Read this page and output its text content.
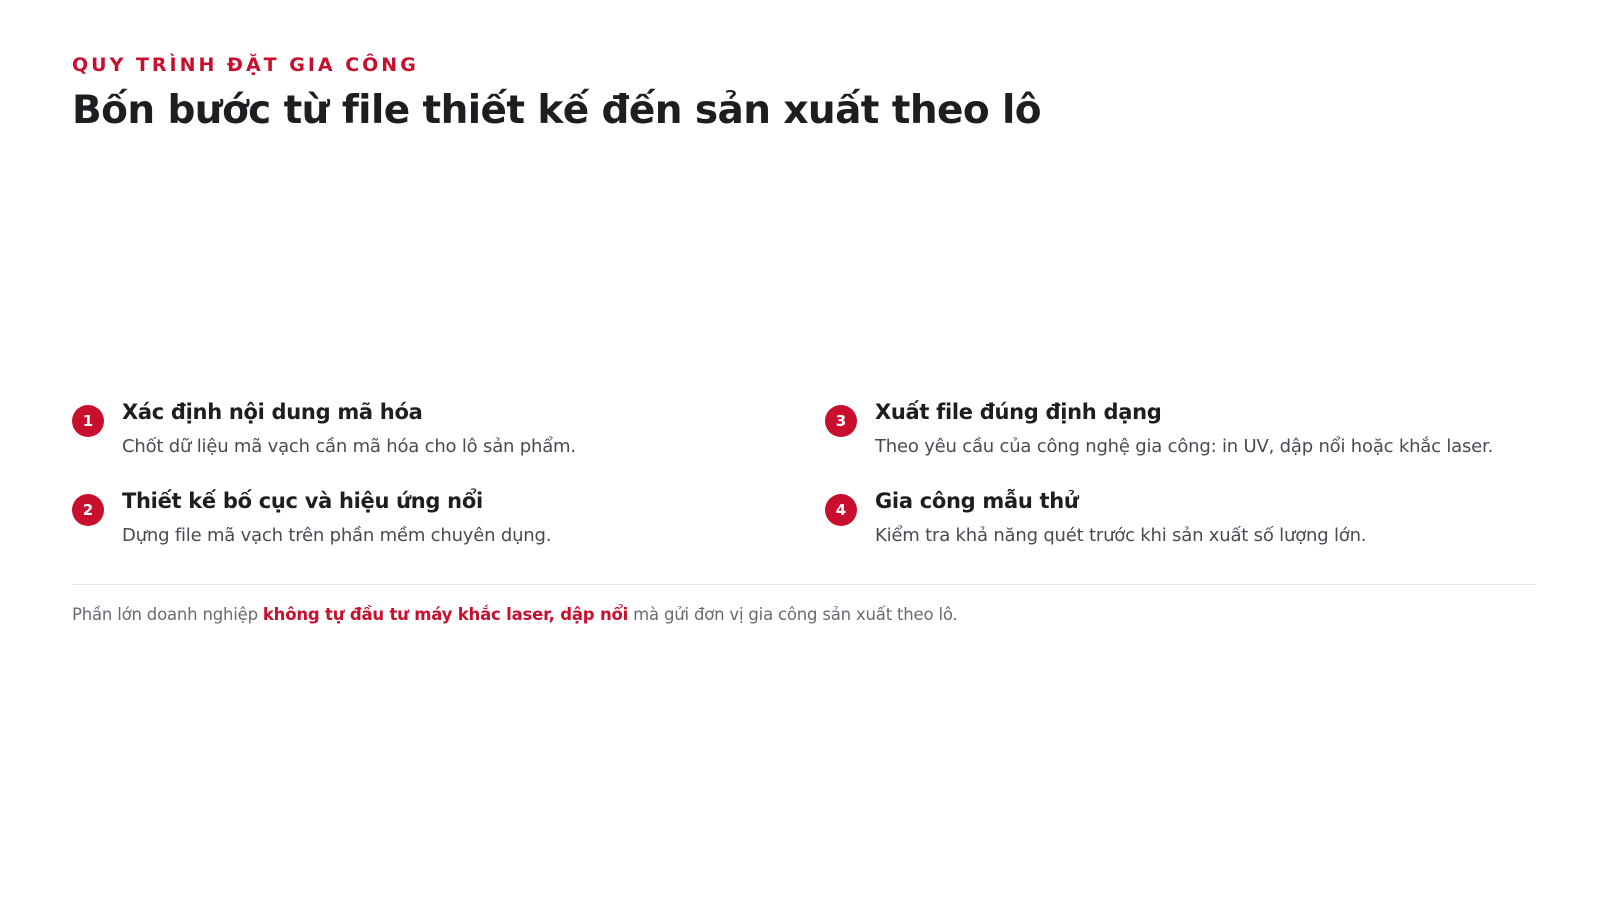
QUY TRÌNH ĐẶT GIA CÔNG
Bốn bước từ file thiết kế đến sản xuất theo lô
1	Xác định nội dung mã hóa
Chốt dữ liệu mã vạch cần mã hóa cho lô sản phẩm.
2	Thiết kế bố cục và hiệu ứng nổi
Dựng file mã vạch trên phần mềm chuyên dụng.
3	Xuất file đúng định dạng
Theo yêu cầu của công nghệ gia công: in UV, dập nổi hoặc khắc laser.
4	Gia công mẫu thử
Kiểm tra khả năng quét trước khi sản xuất số lượng lớn.

Phần lớn doanh nghiệp không tự đầu tư máy khắc laser, dập nổi mà gửi đơn vị gia công sản xuất theo lô.
